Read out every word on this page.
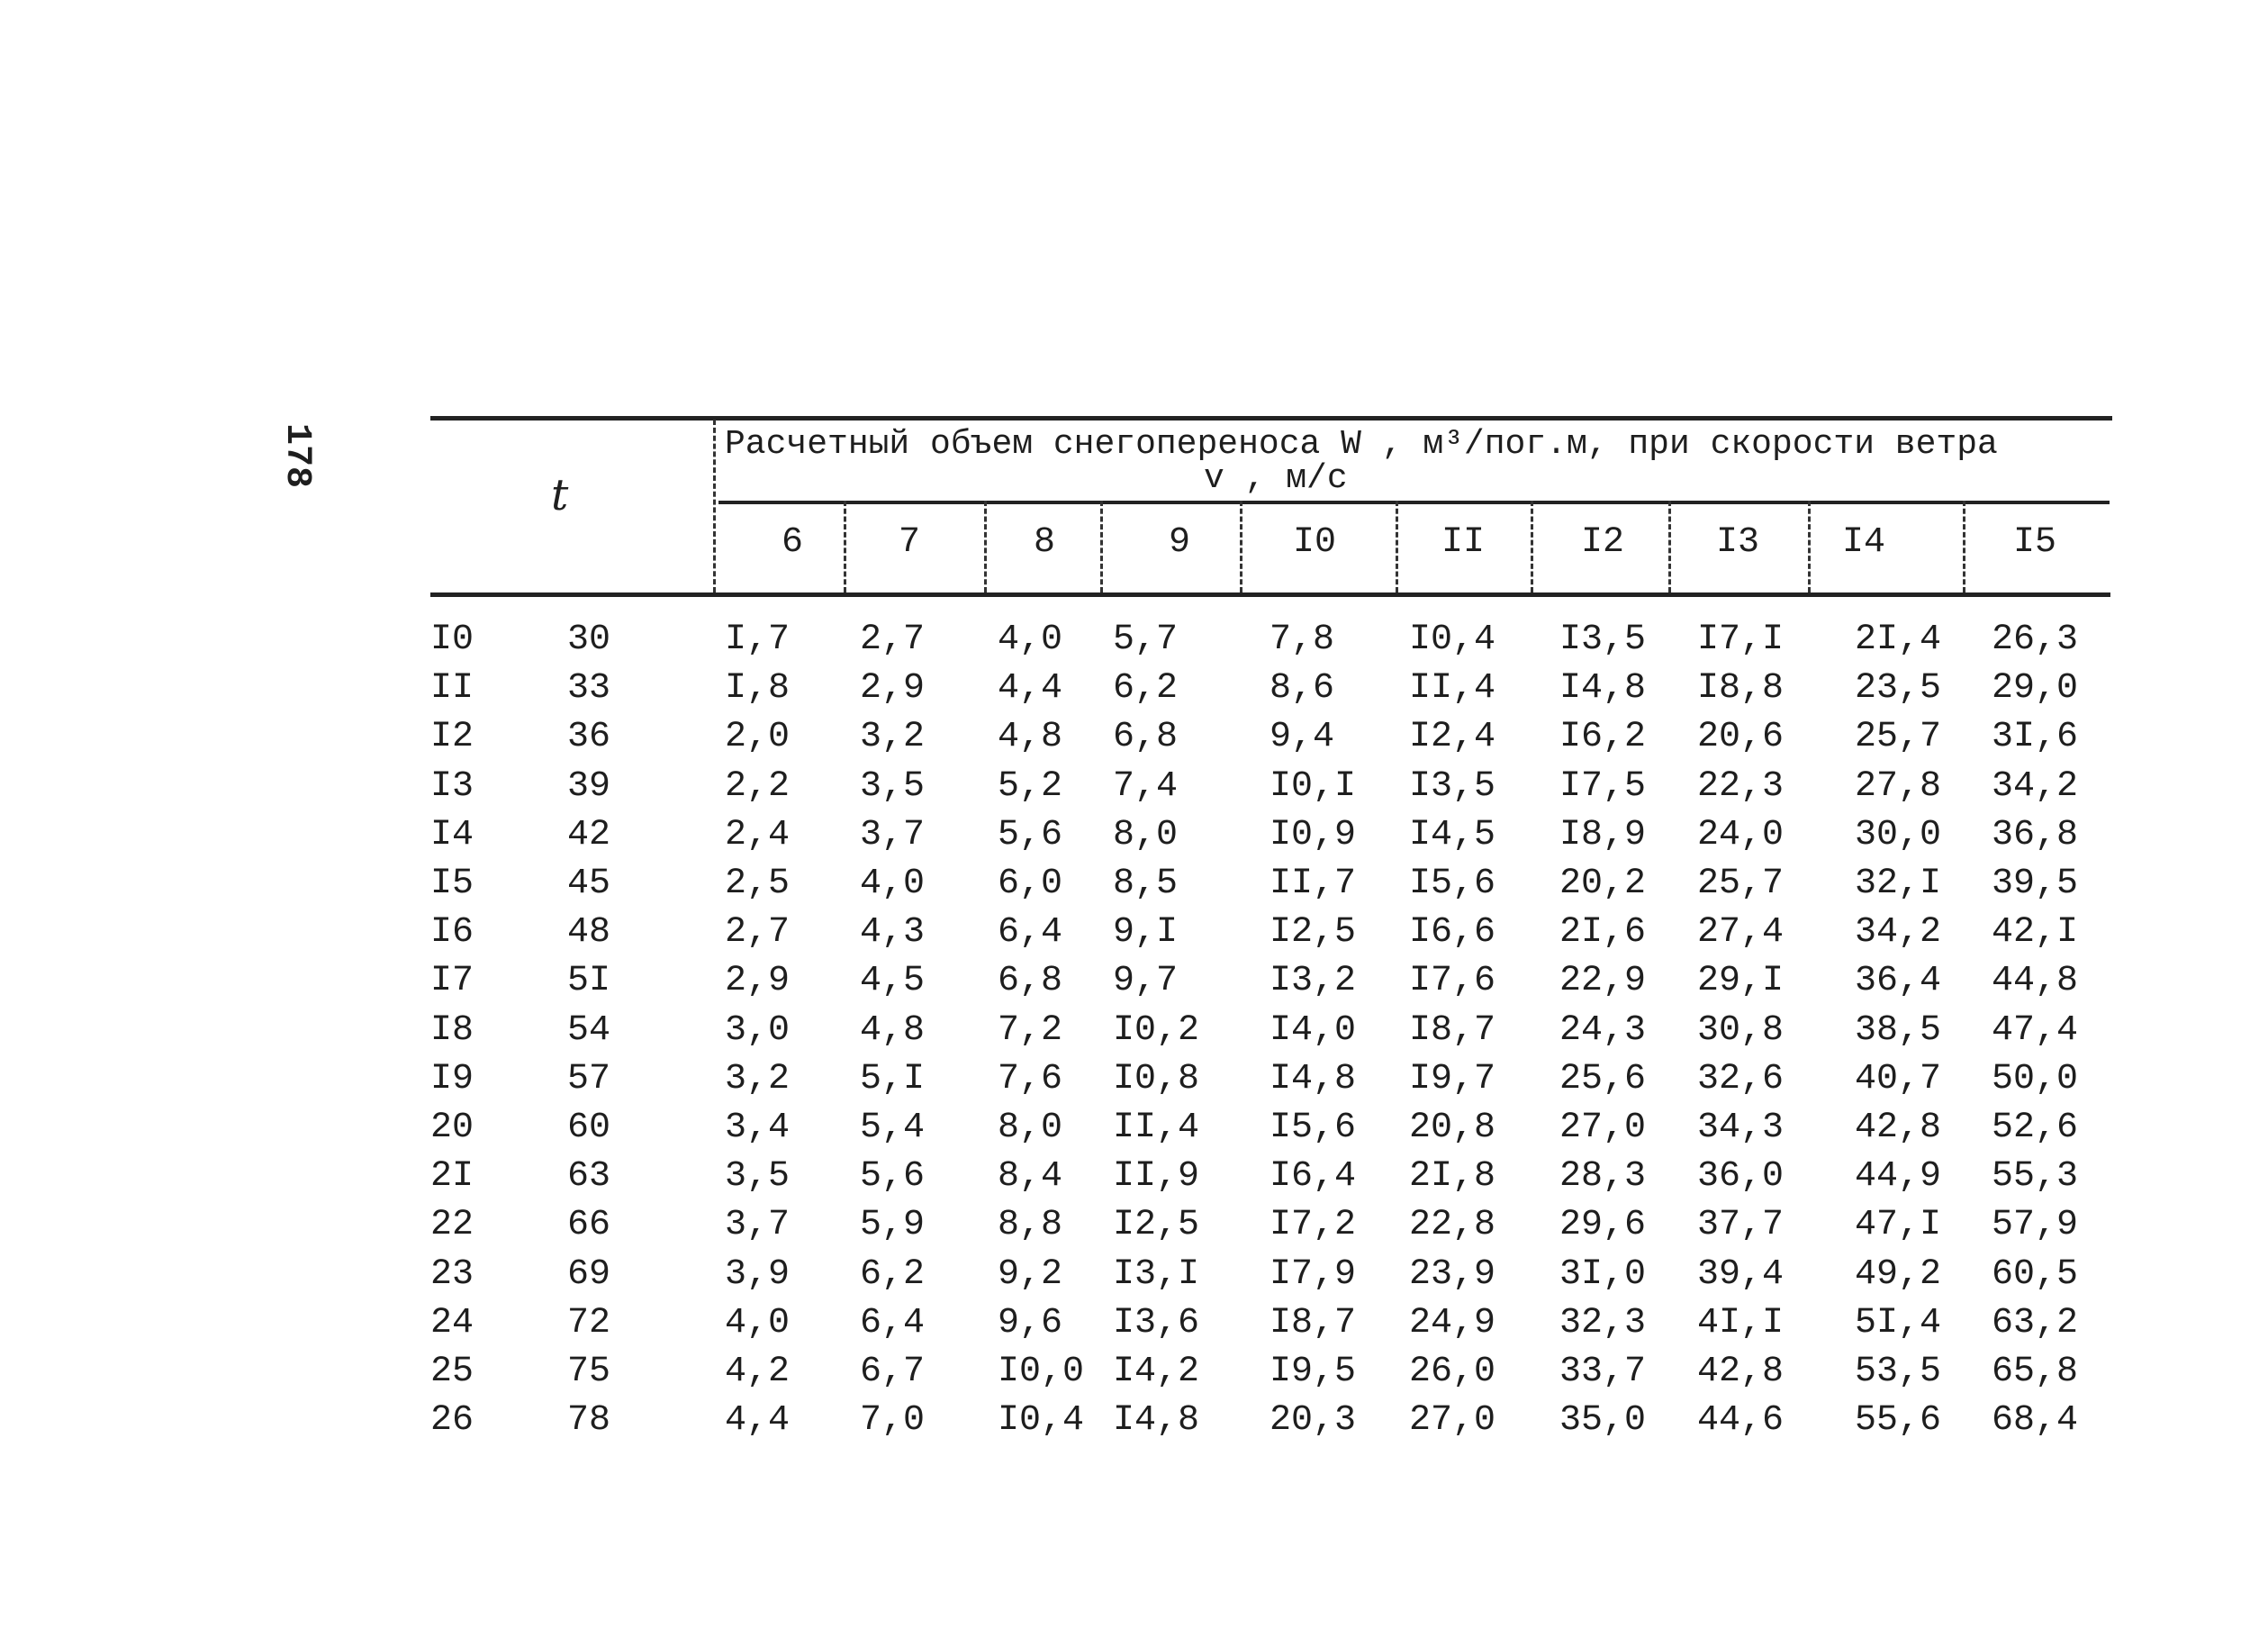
178
t
Расчетный объем снегопереноса W , м³/пог.м, при скорости ветра
v , м/с
6	7	8	9	I0	II	I2	I3	I4	I5
I0	30	I,7 2,7 4,0 5,7	7,8 I0,4 I3,5 I7,I 2I,4 26,3
II	33	I,8 2,9 4,4 6,2	8,6 II,4 I4,8 I8,8 23,5 29,0
I2	36	2,0 3,2 4,8 6,8	9,4 I2,4 I6,2 20,6 25,7 3I,6
I3	39	2,2 3,5 5,2 7,4	I0,I I3,5 I7,5 22,3 27,8 34,2
I4	42	2,4 3,7 5,6 8,0	I0,9 I4,5 I8,9 24,0 30,0 36,8
I5	45	2,5 4,0 6,0 8,5	II,7 I5,6 20,2 25,7 32,I 39,5
I6	48	2,7 4,3 6,4 9,I	I2,5 I6,6 2I,6 27,4 34,2 42,I
I7	5I	2,9 4,5 6,8 9,7	I3,2 I7,6 22,9 29,I 36,4 44,8
I8	54	3,0 4,8 7,2 I0,2 I4,0 I8,7 24,3 30,8 38,5 47,4
I9	57	3,2 5,I 7,6 I0,8 I4,8 I9,7 25,6 32,6 40,7 50,0
20	60	3,4 5,4 8,0 II,4 I5,6 20,8 27,0 34,3 42,8 52,6
2I	63	3,5 5,6 8,4 II,9 I6,4 2I,8 28,3 36,0 44,9 55,3
22	66	3,7 5,9 8,8 I2,5 I7,2 22,8 29,6 37,7 47,I 57,9
23	69	3,9 6,2 9,2 I3,I I7,9 23,9 3I,0 39,4 49,2 60,5
24	72	4,0 6,4 9,6 I3,6 I8,7 24,9 32,3 4I,I 5I,4 63,2
25	75	4,2 6,7 I0,0 I4,2 I9,5 26,0 33,7 42,8 53,5 65,8
26	78	4,4 7,0 I0,4 I4,8 20,3 27,0 35,0 44,6 55,6 68,4
